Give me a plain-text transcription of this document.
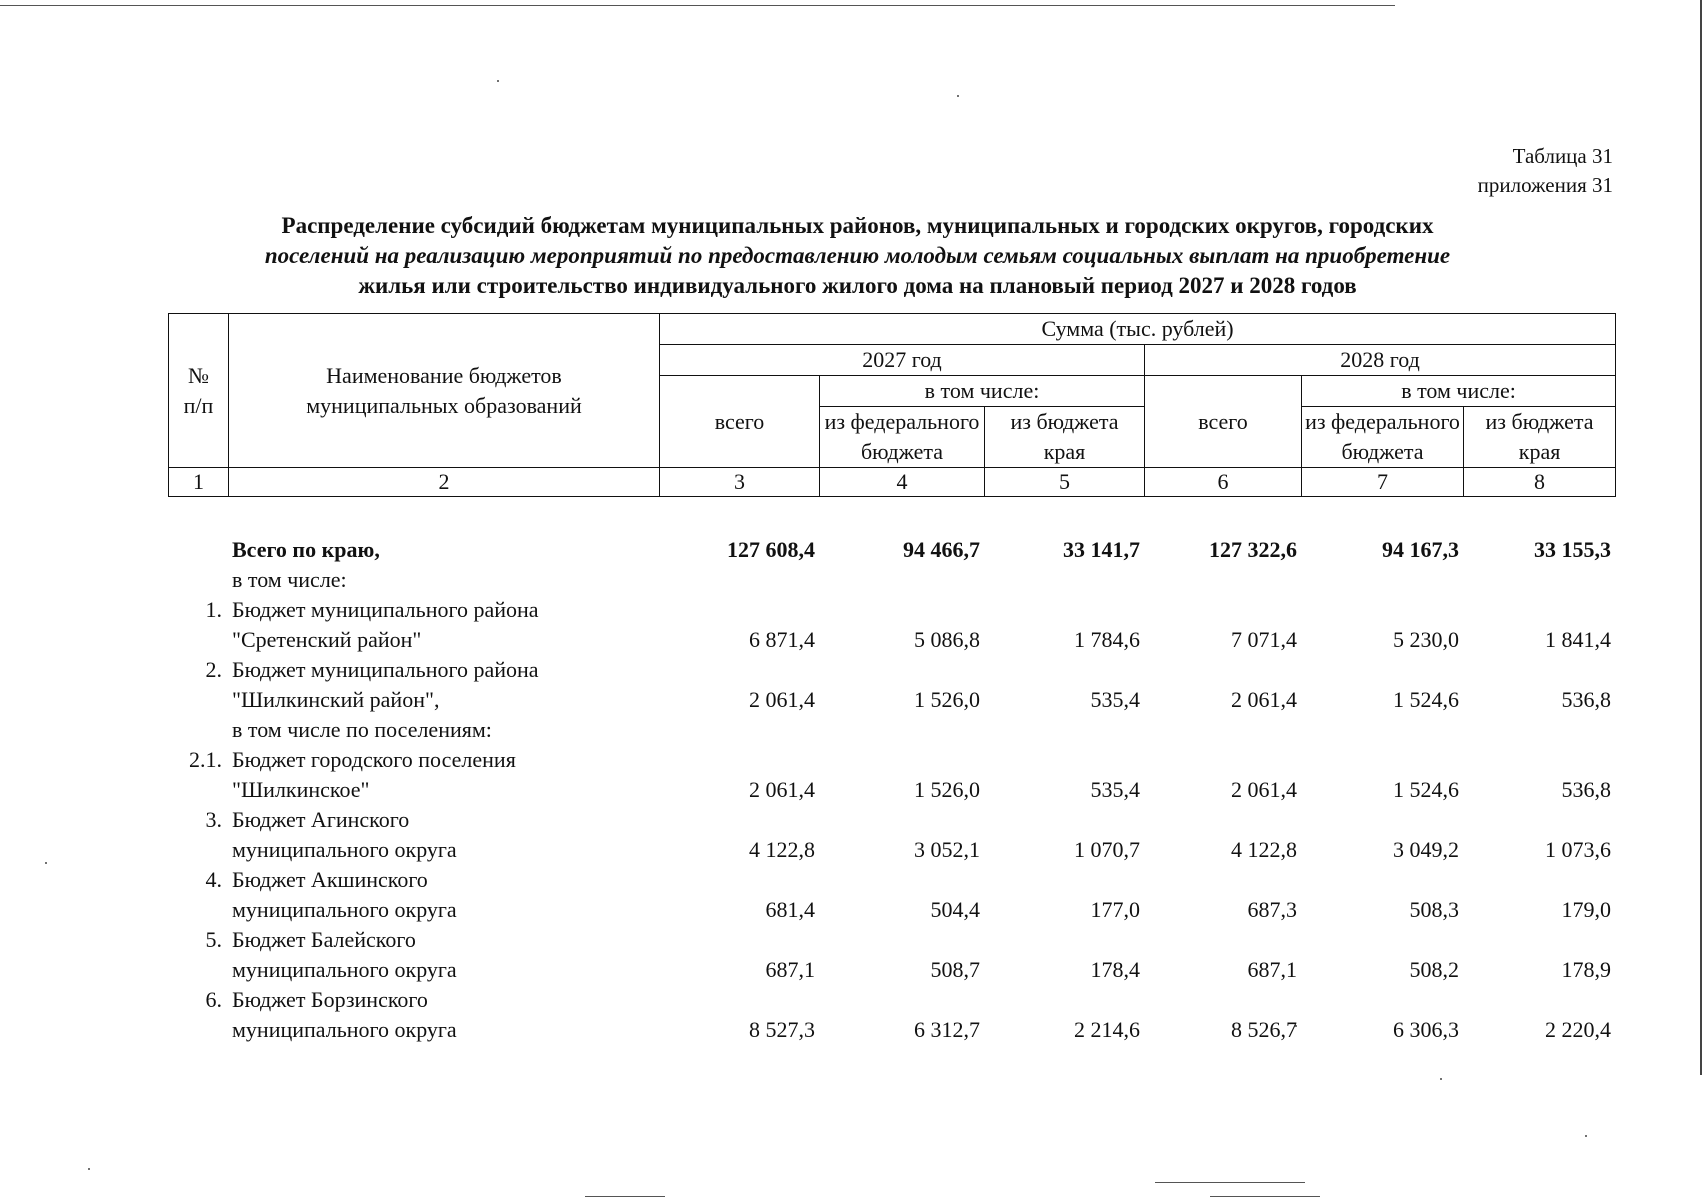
Таблица 31
приложения 31
Распределение субсидий бюджетам муниципальных районов, муниципальных и городских округов, городских
поселений на реализацию мероприятий по предоставлению молодым семьям социальных выплат на приобретение
жилья или строительство индивидуального жилого дома на плановый период 2027 и 2028 годов
№ п/п	Наименование бюджетов муниципальных образований	Сумма (тыс. рублей)					
		2027 год			2028 год		
		всего	в том числе:		всего	в том числе:	
			из федерального бюджета	из бюджета края		из федерального бюджета	из бюджета края
1	2	3	4	5	6	7	8
	Всего по краю,	127 608,4	94 466,7	33 141,7	127 322,6	94 167,3	33 155,3
	в том числе:						
1.	Бюджет муниципального района
"Сретенский район"	6 871,4	5 086,8	1 784,6	7 071,4	5 230,0	1 841,4
2.	Бюджет муниципального района
"Шилкинский район",	2 061,4	1 526,0	535,4	2 061,4	1 524,6	536,8
	в том числе по поселениям:						
2.1.	Бюджет городского поселения
"Шилкинское"	2 061,4	1 526,0	535,4	2 061,4	1 524,6	536,8
3.	Бюджет Агинского
муниципального округа	4 122,8	3 052,1	1 070,7	4 122,8	3 049,2	1 073,6
4.	Бюджет Акшинского
муниципального округа	681,4	504,4	177,0	687,3	508,3	179,0
5.	Бюджет Балейского
муниципального округа	687,1	508,7	178,4	687,1	508,2	178,9
6.	Бюджет Борзинского
муниципального округа	8 527,3	6 312,7	2 214,6	8 526,7	6 306,3	2 220,4
